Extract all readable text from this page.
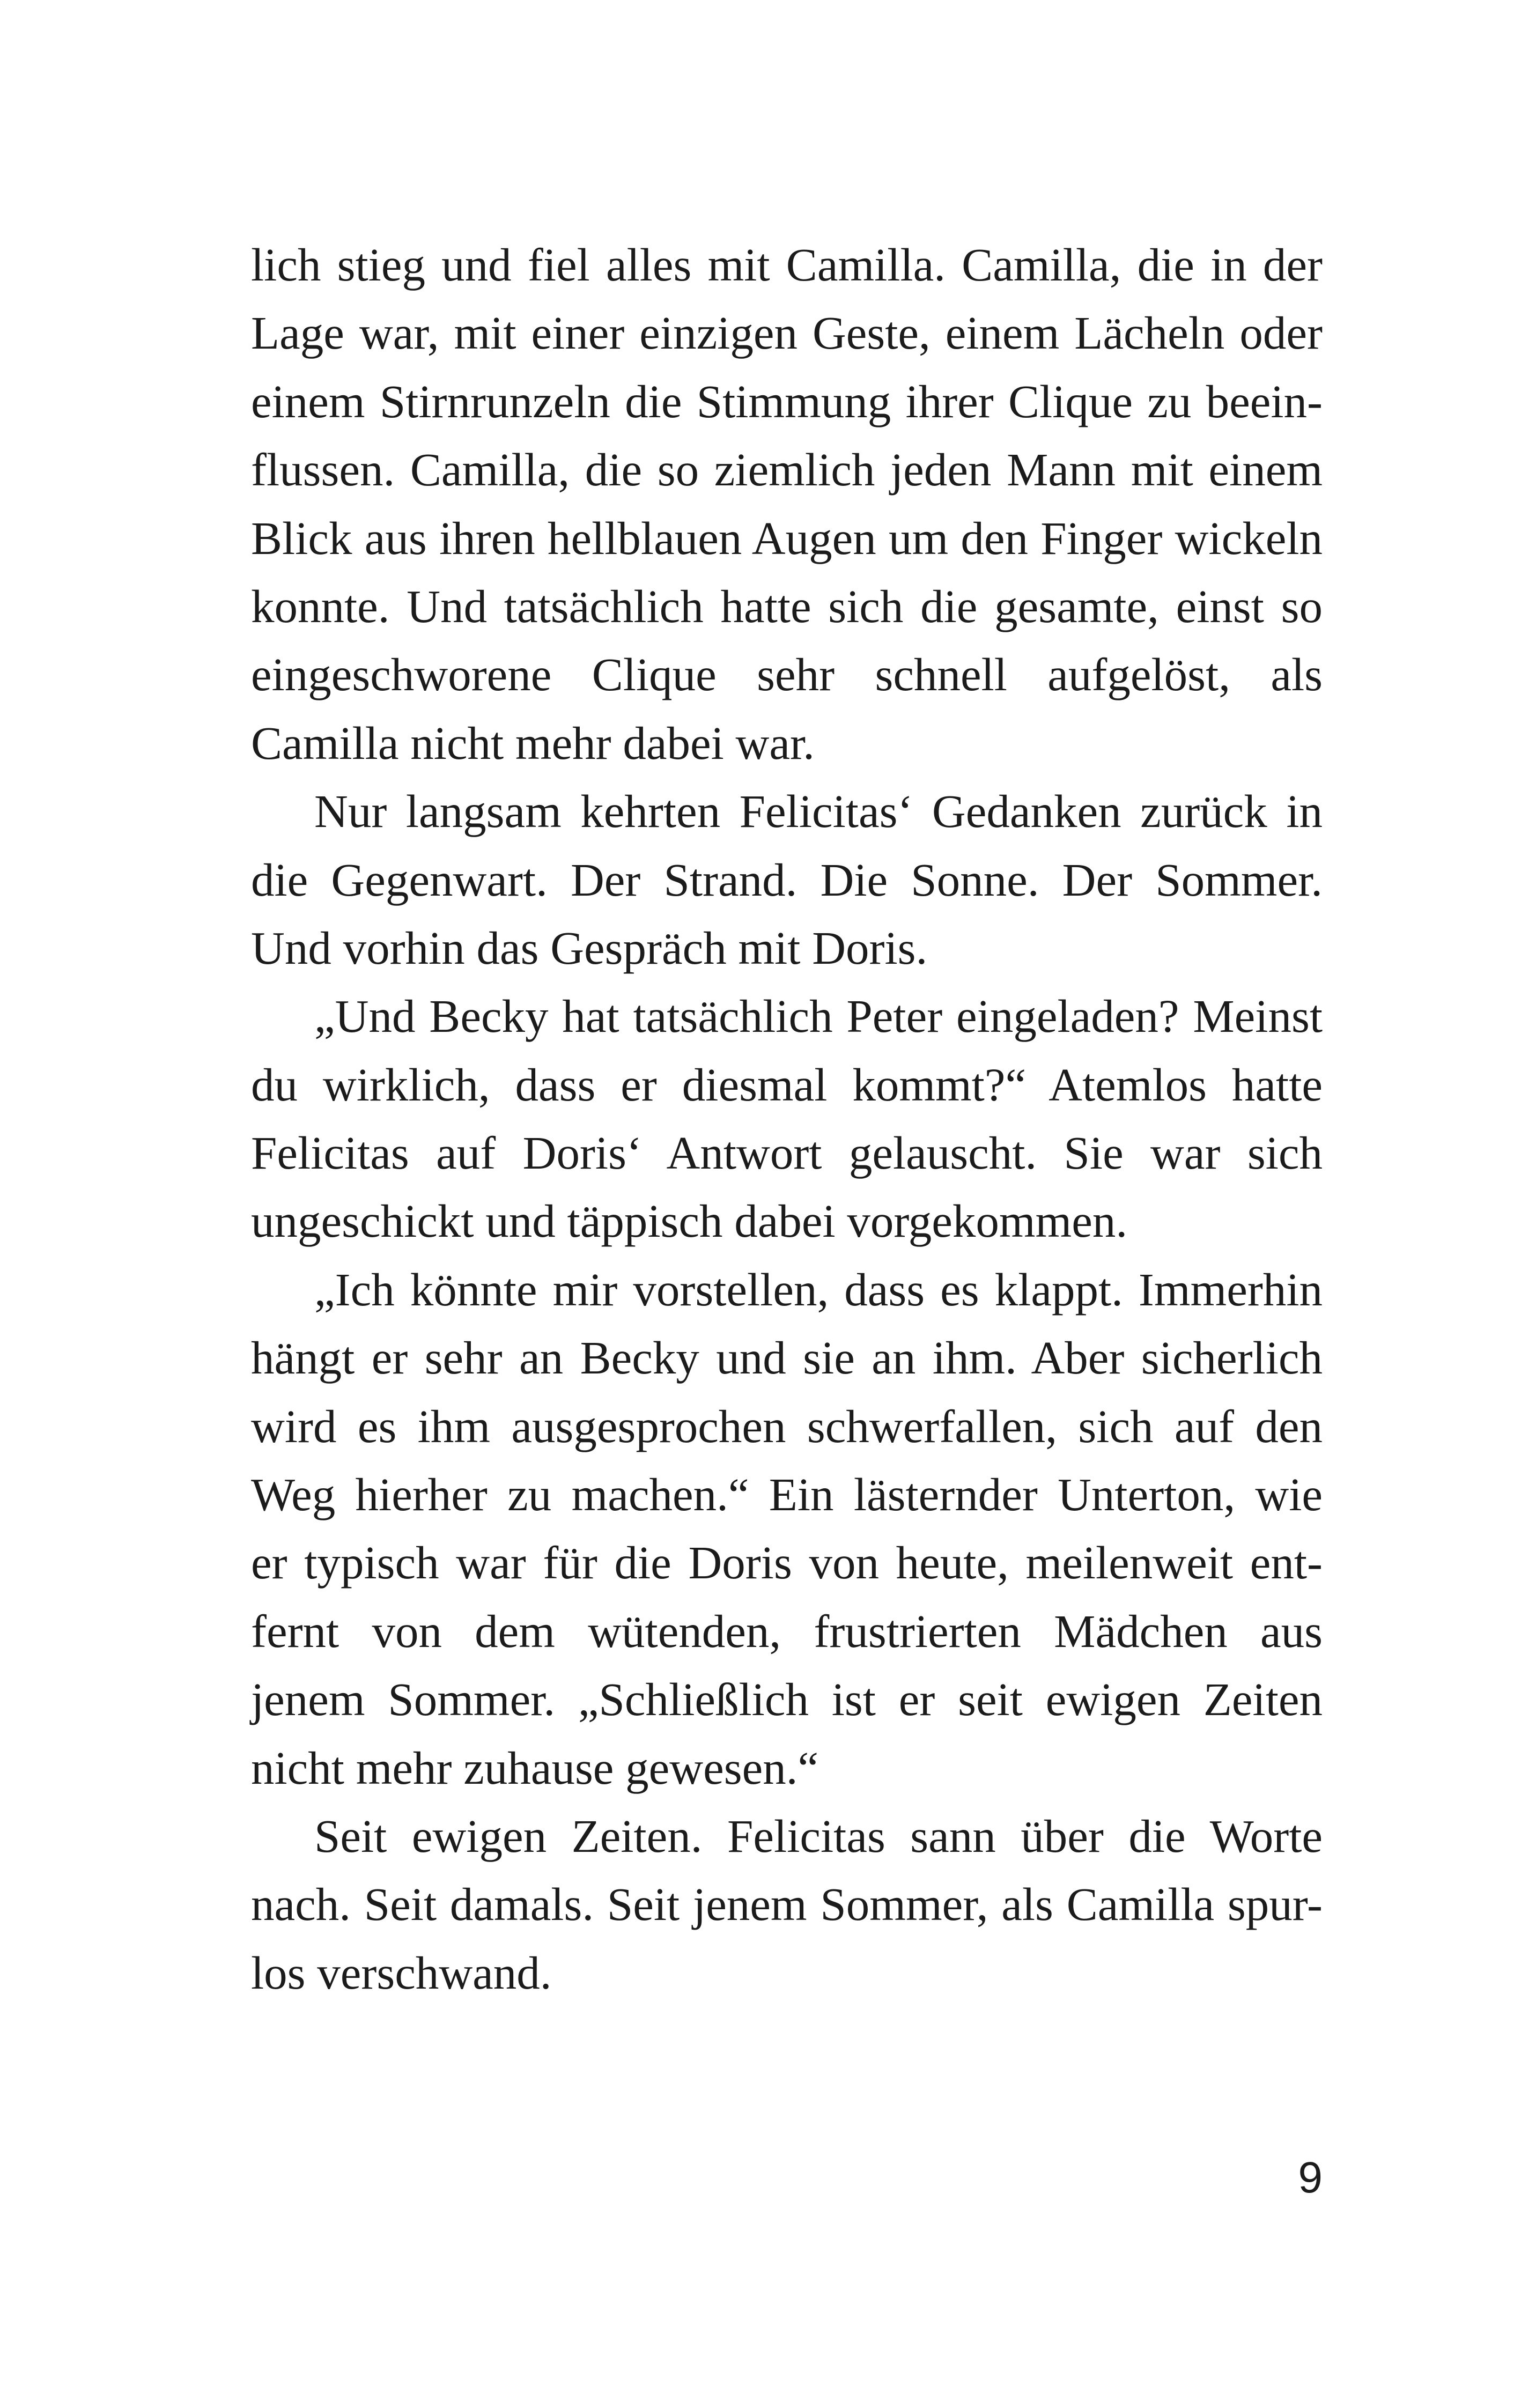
lich stieg und fiel alles mit Camilla. Camilla, die in der
Lage war, mit einer einzigen Geste, einem Lächeln oder
einem Stirnrunzeln die Stimmung ihrer Clique zu beein-
flussen. Camilla, die so ziemlich jeden Mann mit einem
Blick aus ihren hellblauen Augen um den Finger wickeln
konnte. Und tatsächlich hatte sich die gesamte, einst so
eingeschworene Clique sehr schnell aufgelöst, als
Camilla nicht mehr dabei war.
Nur langsam kehrten Felicitas‘ Gedanken zurück in
die Gegenwart. Der Strand. Die Sonne. Der Sommer.
Und vorhin das Gespräch mit Doris.
„Und Becky hat tatsächlich Peter eingeladen? Meinst
du wirklich, dass er diesmal kommt?“ Atemlos hatte
Felicitas auf Doris‘ Antwort gelauscht. Sie war sich
ungeschickt und täppisch dabei vorgekommen.
„Ich könnte mir vorstellen, dass es klappt. Immerhin
hängt er sehr an Becky und sie an ihm. Aber sicherlich
wird es ihm ausgesprochen schwerfallen, sich auf den
Weg hierher zu machen.“ Ein lästernder Unterton, wie
er typisch war für die Doris von heute, meilenweit ent-
fernt von dem wütenden, frustrierten Mädchen aus
jenem Sommer. „Schließlich ist er seit ewigen Zeiten
nicht mehr zuhause gewesen.“
Seit ewigen Zeiten. Felicitas sann über die Worte
nach. Seit damals. Seit jenem Sommer, als Camilla spur-
los verschwand.
9
